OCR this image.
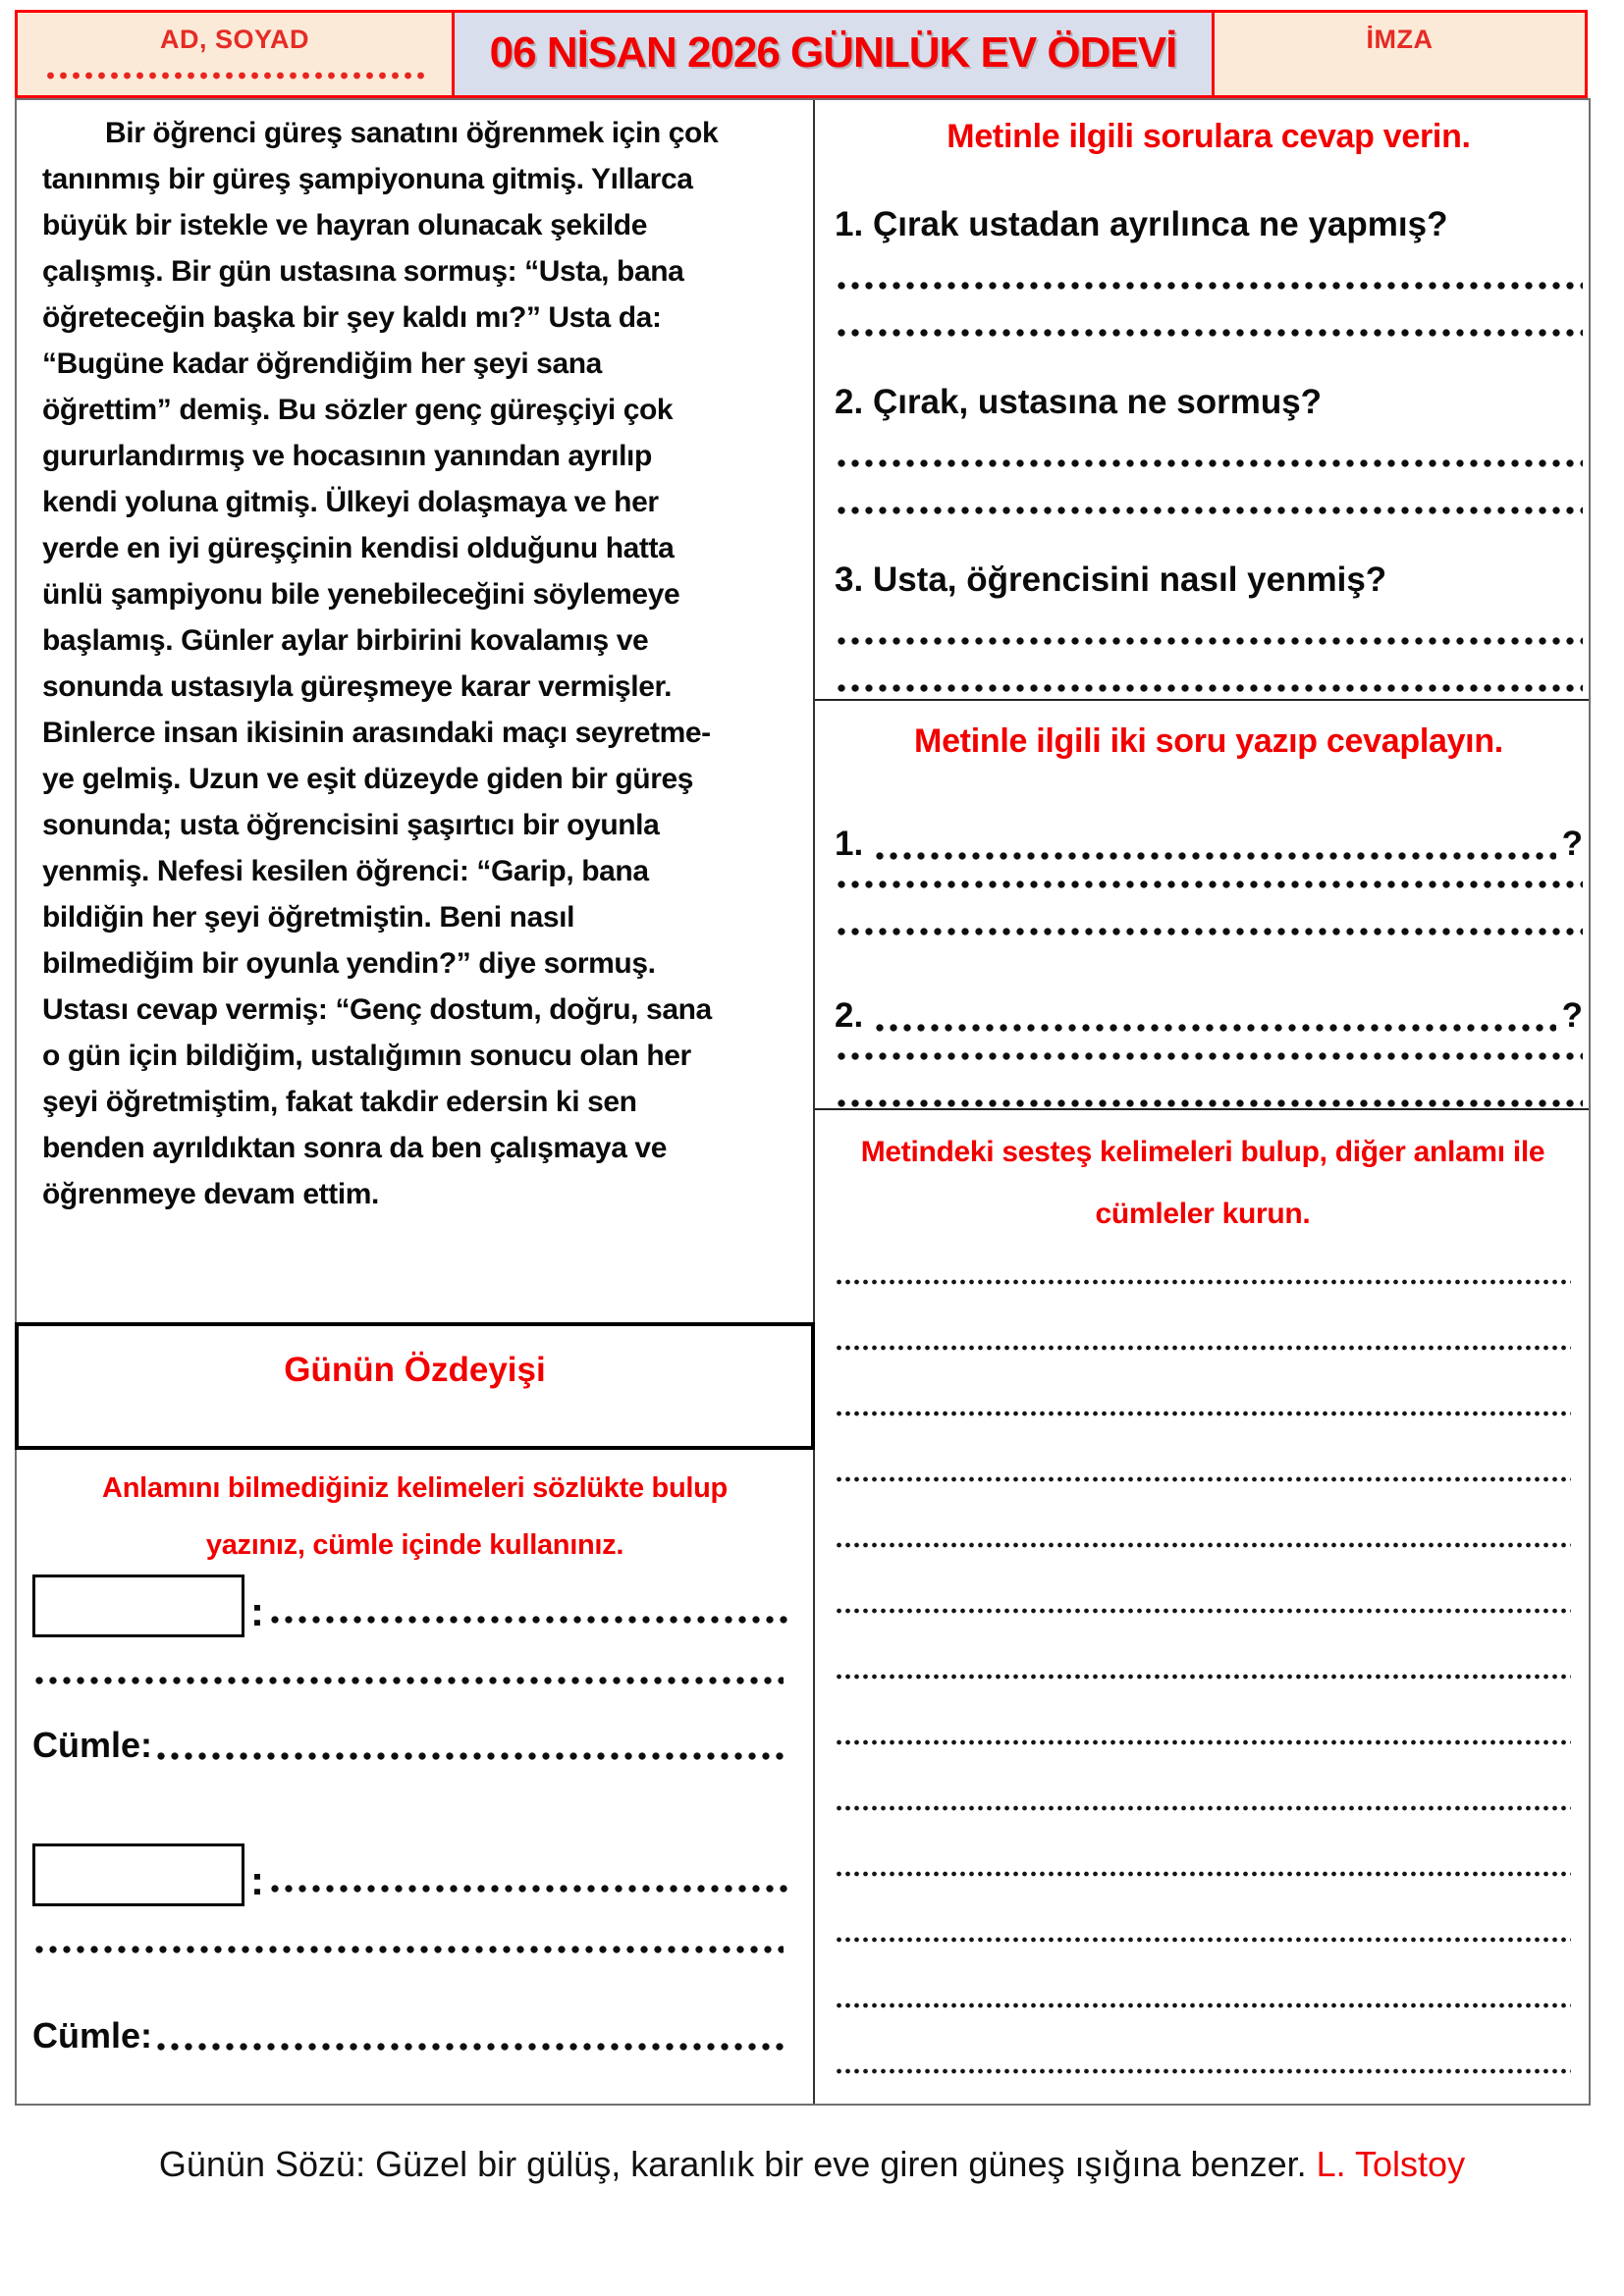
AD, SOYAD	06 NİSAN 2026 GÜNLÜK EV ÖDEVİ	İMZA
Bir öğrenci güreş sanatını öğrenmek için çok
tanınmış bir güreş şampiyonuna gitmiş. Yıllarca
büyük bir istekle ve hayran olunacak şekilde
çalışmış. Bir gün ustasına sormuş: “Usta, bana
öğreteceğin başka bir şey kaldı mı?” Usta da:
“Bugüne kadar öğrendiğim her şeyi sana
öğrettim” demiş. Bu sözler genç güreşçiyi çok
gururlandırmış ve hocasının yanından ayrılıp
kendi yoluna gitmiş. Ülkeyi dolaşmaya ve her
yerde en iyi güreşçinin kendisi olduğunu hatta
ünlü şampiyonu bile yenebileceğini söylemeye
başlamış. Günler aylar birbirini kovalamış ve
sonunda ustasıyla güreşmeye karar vermişler.
Binlerce insan ikisinin arasındaki maçı seyretme-
ye gelmiş. Uzun ve eşit düzeyde giden bir güreş
sonunda; usta öğrencisini şaşırtıcı bir oyunla
yenmiş. Nefesi kesilen öğrenci: “Garip, bana
bildiğin her şeyi öğretmiştin. Beni nasıl
bilmediğim bir oyunla yendin?” diye sormuş.
Ustası cevap vermiş: “Genç dostum, doğru, sana
o gün için bildiğim, ustalığımın sonucu olan her
şeyi öğretmiştim, fakat takdir edersin ki sen
benden ayrıldıktan sonra da ben çalışmaya ve
öğrenmeye devam ettim.
Günün Özdeyişi
Anlamını bilmediğiniz kelimeleri sözlükte bulup
yazınız, cümle içinde kullanınız.
:
Cümle:
:
Cümle:
Metinle ilgili sorulara cevap verin.
1. Çırak ustadan ayrılınca ne yapmış?
2. Çırak, ustasına ne sormuş?
3. Usta, öğrencisini nasıl yenmiş?
Metinle ilgili iki soru yazıp cevaplayın.
1.	?
2.	?
Metindeki sesteş kelimeleri bulup, diğer anlamı ile
cümleler kurun.
Günün Sözü: Güzel bir gülüş, karanlık bir eve giren güneş ışığına benzer. L. Tolstoy
